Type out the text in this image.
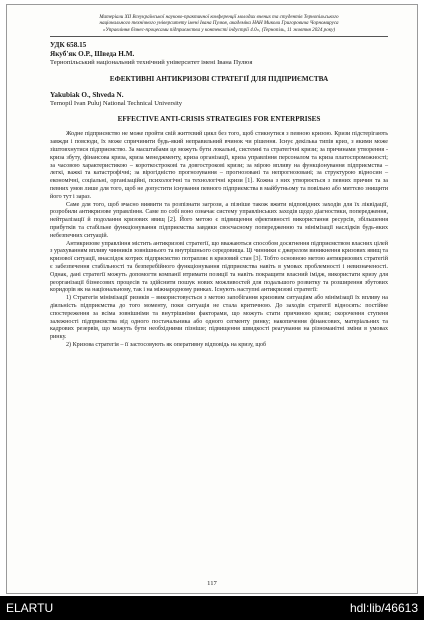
Матеріали ХІІ Всеукраїнської науково-практичної конференції молодих вчених та студентів Тернопільського
національного технічного університету імені Івана Пулюя, академіка НАН Миколи Григоровича Чорномируса
«Управління бізнес-процесами підприємства у контексті індустрії 4.0», (Тернопіль, 11 жовтня 2024 року)
УДК 658.15
Якуб'як О.Р., Шведа Н.М.
Тернопільський національний технічний університет імені Івана Пулюя
ЕФЕКТИВНІ АНТИКРИЗОВІ СТРАТЕГІЇ ДЛЯ ПІДПРИЄМСТВА
Yakubiak O., Shveda N.
Ternopil Ivan Puluj National Technical University
EFFECTIVE ANTI-CRISIS STRATEGIES FOR ENTERPRISES

Жодне підприємство не може пройти свій життєвий цикл без того, щоб стикнутися з певною кризою. Кризи підстерігають завжди і повсюди, їх може спричинити будь-який неправильний вчинок чи рішення. Існує декілька типів криз, з якими може зіштовхнутися підприємство. За масштабами це можуть бути локальні, системні та стратегічні кризи; за причинами утворення - криза збуту, фінансова криза, криза менеджменту, криза організації, криза управління персоналом та криза платоспроможності; за часовою характеристикою – короткострокові та довгострокові кризи; за мірою впливу на функціонування підприємства – легкі, важкі та катастрофічні; за вірогідністю прогнозування – прогнозовані та непрогнозовані; за структурою відносин – економічні, соціальні, організаційні, психологічні та технологічні кризи [1]. Кожна з них утворюється з певних причин та за певних умов лише для того, щоб не допустити існування певного підприємства в майбутньому та повільно або миттєво знищити його тут і зараз.

Саме для того, щоб вчасно виявити та розпізнати загрози, а пізніше також вжити відповідних заходів для їх ліквідації, розробили антикризове управління. Саме по собі воно означає систему управлінських заходів щодо діагностики, попередження, нейтралізації й подолання кризових явищ [2]. Його метою є підвищення ефективності використання ресурсів, збільшення прибутків та стабільне функціонування підприємства завдяки своєчасному попередженню та мінімізації наслідків будь-яких небезпечних ситуацій.

Антикризове управління містить антикризові стратегії, що вважаються способом досягнення підприємством власних цілей з урахуванням впливу чинників зовнішнього та внутрішнього середовища. Ці чинники є джерелом виникнення кризових явищ та кризової ситуації, внаслідок котрих підприємство потрапляє в кризовий стан [3]. Тобто основною метою антикризових стратегій є забезпечення стабільності та безперебійного функціонування підприємства навіть в умовах проблемності і невизначеності. Однак, дані стратегії можуть допомогти компанії втримати позиції та навіть покращити власний імідж, використати кризу для реорганізації бізнесових процесів та здійснити пошук нових можливостей для подальшого розвитку та розширення збутових коридорів як на національному, так і на міжнародному ринках. Існують наступні антикризові стратегії:

1) Стратегія мінімізації ризиків – використовується з метою запобігання кризовим ситуаціям або мінімізації їх впливу на діяльність підприємства до того моменту, поки ситуація не стала критичною. До заходів стратегії відносять: постійне спостереження за всіма зовнішніми та внутрішніми факторами, що можуть стати причиною кризи; скорочення ступеня залежності підприємства від одного постачальника або одного сегменту ринку; накопичення фінансових, матеріальних та кадрових резервів, що можуть бути необхідними пізніше; підвищення швидкості реагування на різноманітні зміни в умовах ринку.

2) Кризова стратегія – її застосовують як оперативну відповідь на кризу, щоб

117
ELARTU	hdl:lib/46613
